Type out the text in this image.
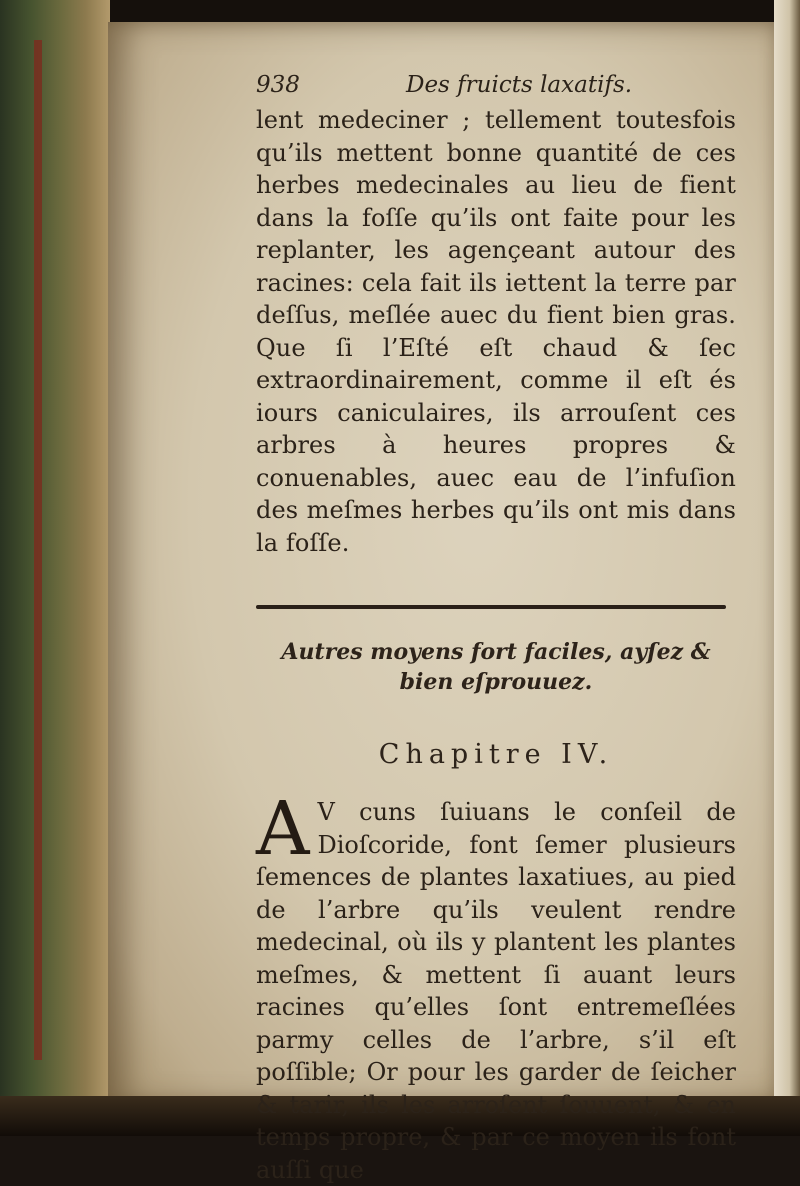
938	Des fruicts laxatifs.

lent medeciner ; tellement toutesfois qu’ils mettent bonne quantité de ces herbes medecinales au lieu de fient dans la foſſe qu’ils ont faite pour les replanter, les agençeant autour des racines: cela fait ils iettent la terre par deſſus, meſlée auec du fient bien gras. Que ſi l’Eſté eſt chaud & ſec extraordinairement, comme il eſt és iours caniculaires, ils arrouſent ces arbres à heures propres & conuenables, auec eau de l’infuſion des meſmes herbes qu’ils ont mis dans la foſſe.

Autres moyens fort faciles, ayſez & bien eſprouuez.

Chapitre IV.

A V cuns ſuiuans le conſeil de Dioſcoride, font ſemer plusieurs ſemences de plantes laxatiues, au pied de l’arbre qu’ils veulent rendre medecinal, où ils y plantent les plantes meſmes, & mettent ſi auant leurs racines qu’elles ſont entremeſlées parmy celles de l’arbre, s’il eſt poſſible; Or pour les garder de ſeicher & tarir, ils les arroſent ſouuent, & en temps propre, & par ce moyen ils font auſſi que
